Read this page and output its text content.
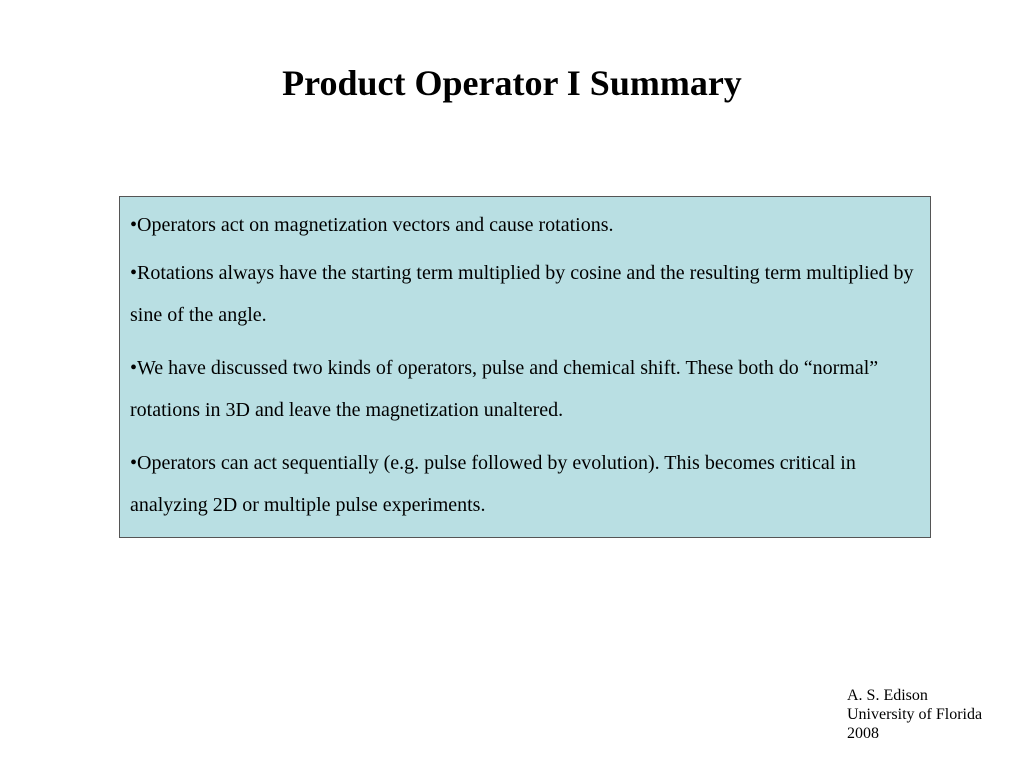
Product Operator I Summary

•Operators act on magnetization vectors and cause rotations.

•Rotations always have the starting term multiplied by cosine and the resulting term multiplied by sine of the angle.

•We have discussed two kinds of operators, pulse and chemical shift. These both do “normal” rotations in 3D and leave the magnetization unaltered.

•Operators can act sequentially (e.g. pulse followed by evolution). This becomes critical in analyzing 2D or multiple pulse experiments.

A. S. Edison
University of Florida
2008
